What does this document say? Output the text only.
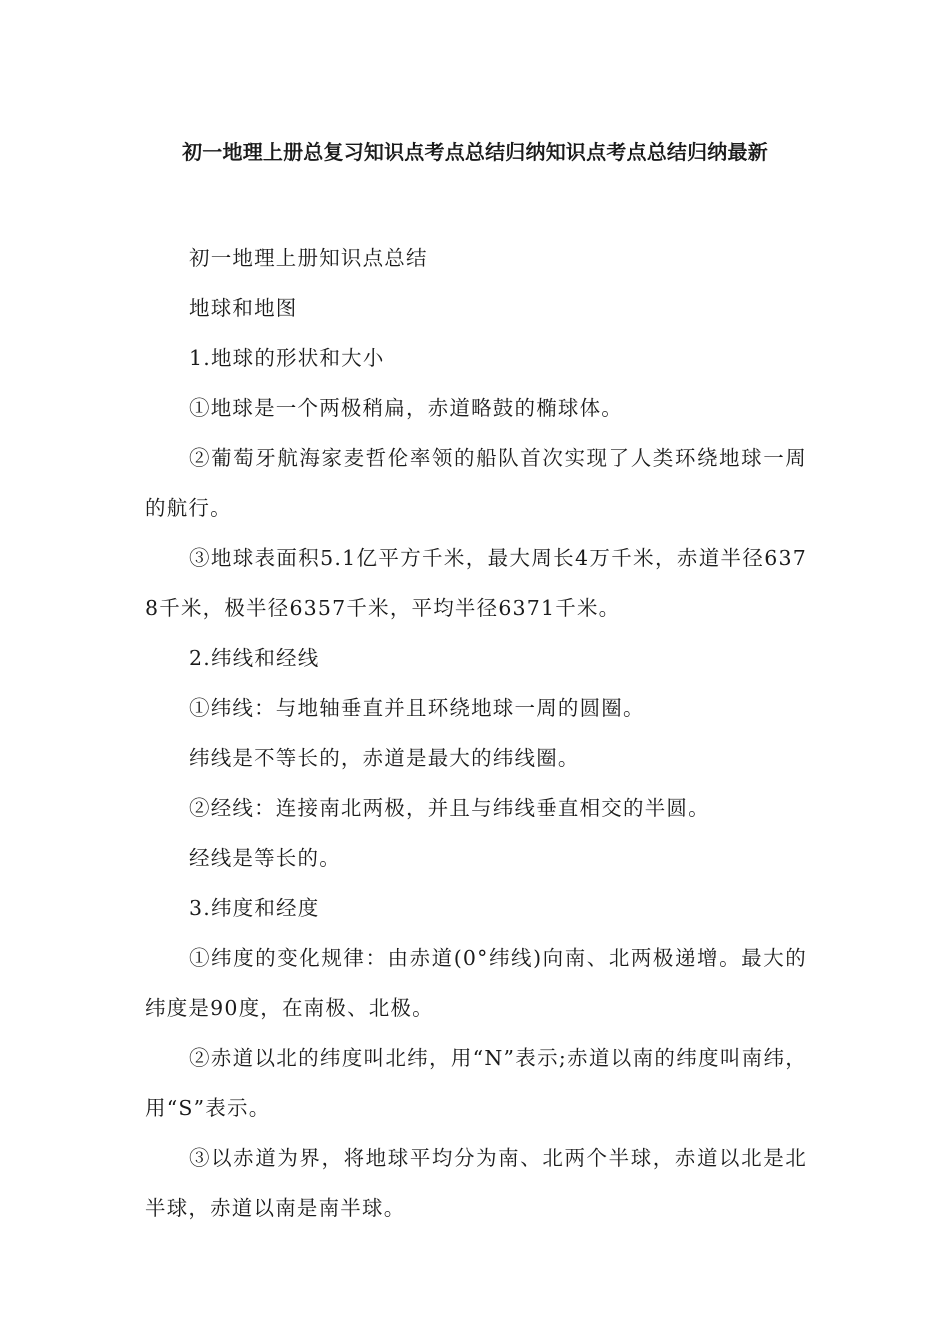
初一地理上册总复习知识点考点总结归纳知识点考点总结归纳最新

初一地理上册知识点总结

地球和地图

1.地球的形状和大小

①地球是一个两极稍扁，赤道略鼓的椭球体。

②葡萄牙航海家麦哲伦率领的船队首次实现了人类环绕地球一周的航行。

③地球表面积5.1亿平方千米，最大周长4万千米，赤道半径6378千米，极半径6357千米，平均半径6371千米。

2.纬线和经线

①纬线：与地轴垂直并且环绕地球一周的圆圈。

纬线是不等长的，赤道是最大的纬线圈。

②经线：连接南北两极，并且与纬线垂直相交的半圆。

经线是等长的。

3.纬度和经度

①纬度的变化规律：由赤道(0°纬线)向南、北两极递增。最大的纬度是90度，在南极、北极。

②赤道以北的纬度叫北纬，用“N”表示;赤道以南的纬度叫南纬，用“S”表示。

③以赤道为界，将地球平均分为南、北两个半球，赤道以北是北半球，赤道以南是南半球。
